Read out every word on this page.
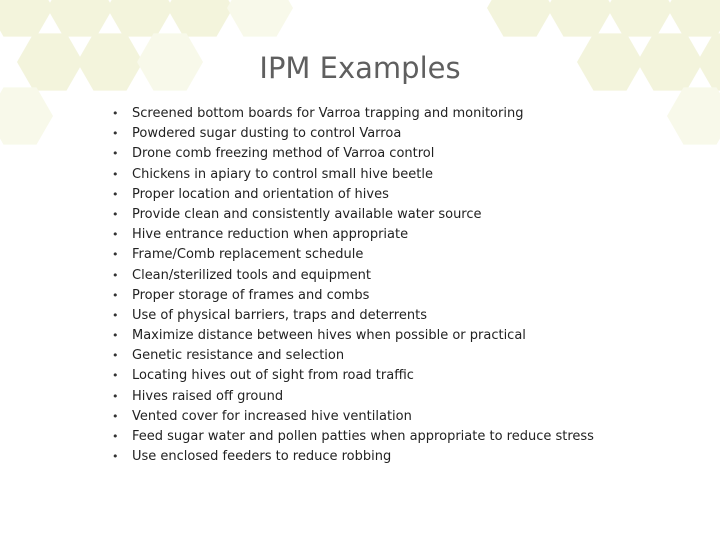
IPM Examples
• Screened bottom boards for Varroa trapping and monitoring
• Powdered sugar dusting to control Varroa
• Drone comb freezing method of Varroa control
• Chickens in apiary to control small hive beetle
• Proper location and orientation of hives
• Provide clean and consistently available water source
• Hive entrance reduction when appropriate
• Frame/Comb replacement schedule
• Clean/sterilized tools and equipment
• Proper storage of frames and combs
• Use of physical barriers, traps and deterrents
• Maximize distance between hives when possible or practical
• Genetic resistance and selection
• Locating hives out of sight from road traffic
• Hives raised off ground
• Vented cover for increased hive ventilation
• Feed sugar water and pollen patties when appropriate to reduce stress
• Use enclosed feeders to reduce robbing
